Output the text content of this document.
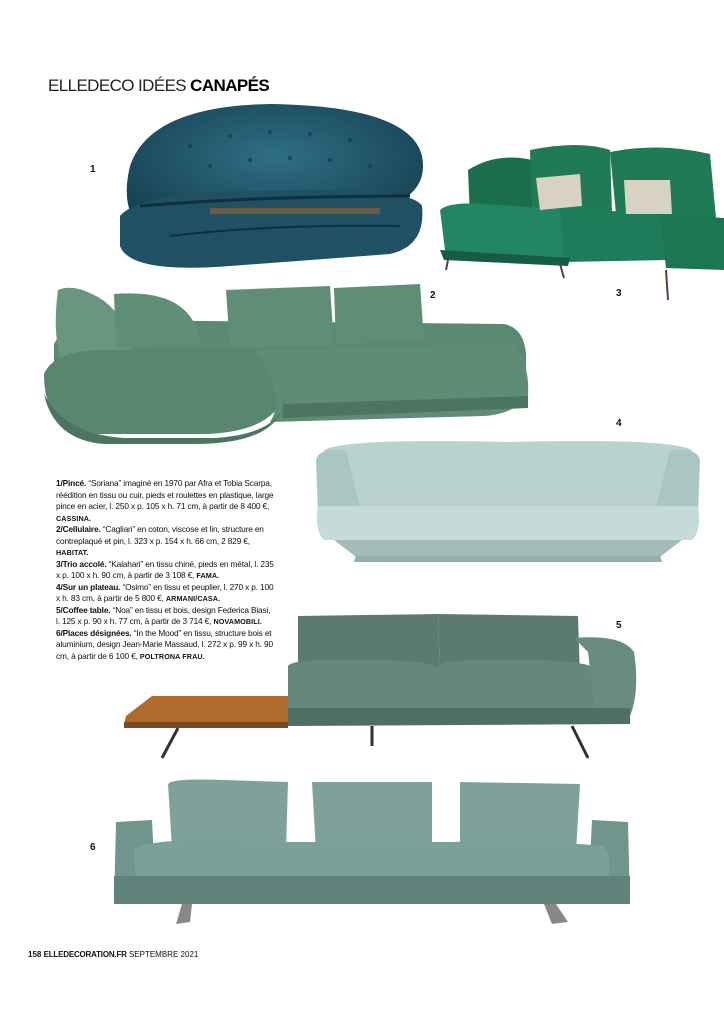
ELLEDECO IDÉES CANAPÉS
1
3
2
4
5
6
1/Pincé. “Soriana” imaginé en 1970 par Afra et Tobia Scarpa, réédition en tissu ou cuir, pieds et roulettes en plastique, large pince en acier, l. 250 x p. 105 x h. 71 cm, à partir de 8 400 €, CASSINA.
2/Cellulaire. “Cagliari” en coton, viscose et lin, structure en contreplaqué et pin, l. 323 x p. 154 x h. 66 cm, 2 829 €, HABITAT.
3/Trio accolé. “Kalahari” en tissu chiné, pieds en métal, l. 235 x p. 100 x h. 90 cm, à partir de 3 108 €, FAMA.
4/Sur un plateau. “Osimo” en tissu et peuplier, l. 270 x p. 100 x h. 83 cm, à partir de 5 800 €, ARMANI/CASA.
5/Coffee table. “Noa” en tissu et bois, design Federica Biasi, l. 125 x p. 90 x h. 77 cm, à partir de 3 714 €, NOVAMOBILI.
6/Places désignées. “In the Mood” en tissu, structure bois et aluminium, design Jean-Marie Massaud, l. 272 x p. 99 x h. 90 cm, à partir de 6 100 €, POLTRONA FRAU.
158 ELLEDECORATION.FR SEPTEMBRE 2021
